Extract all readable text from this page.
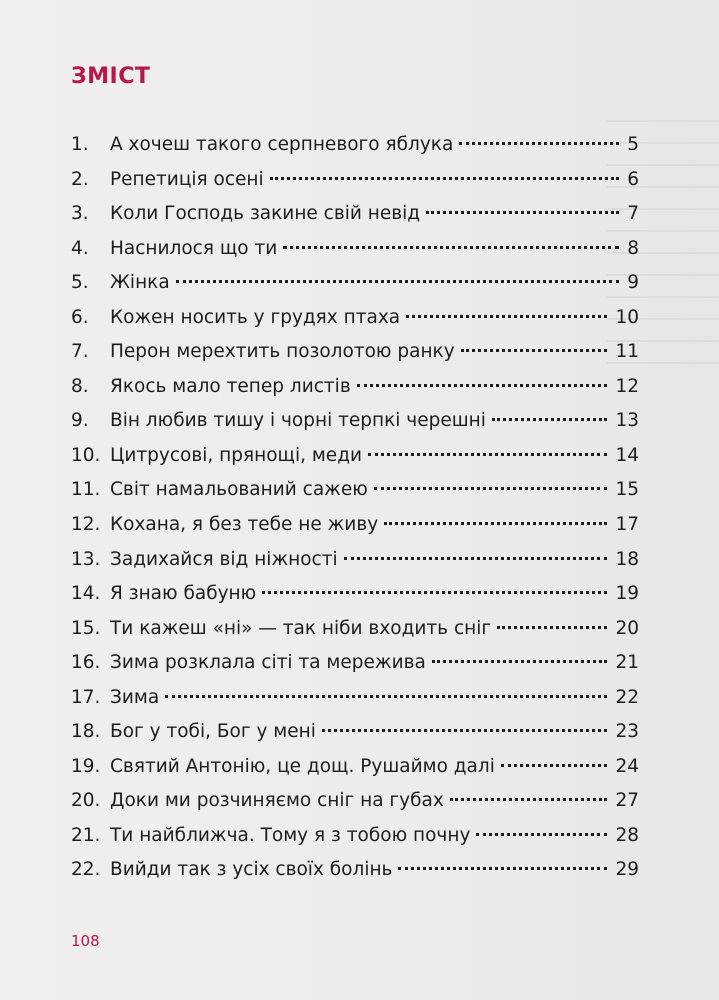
ЗМІСТ
1.	А хочеш такого серпневого яблука	5
2.	Репетиція осені	6
3.	Коли Господь закине свій невід	7
4.	Наснилося що ти	8
5.	Жінка	9
6.	Кожен носить у грудях птаха	10
7.	Перон мерехтить позолотою ранку	11
8.	Якось мало тепер листів	12
9.	Він любив тишу і чорні терпкі черешні	13
10. Цитрусові, прянощі, меди	14
11. Світ намальований сажею	15
12. Кохана, я без тебе не живу	17
13. Задихайся від ніжності	18
14. Я знаю бабуню	19
15. Ти кажеш «ні» — так ніби входить сніг	20
16. Зима розклала сіті та мережива	21
17. Зима	22
18. Бог у тобі, Бог у мені	23
19. Святий Антонію, це дощ. Рушаймо далі	24
20. Доки ми розчиняємо сніг на губах	27
21. Ти найближча. Тому я з тобою почну	28
22. Вийди так з усіх своїх болінь	29
108
